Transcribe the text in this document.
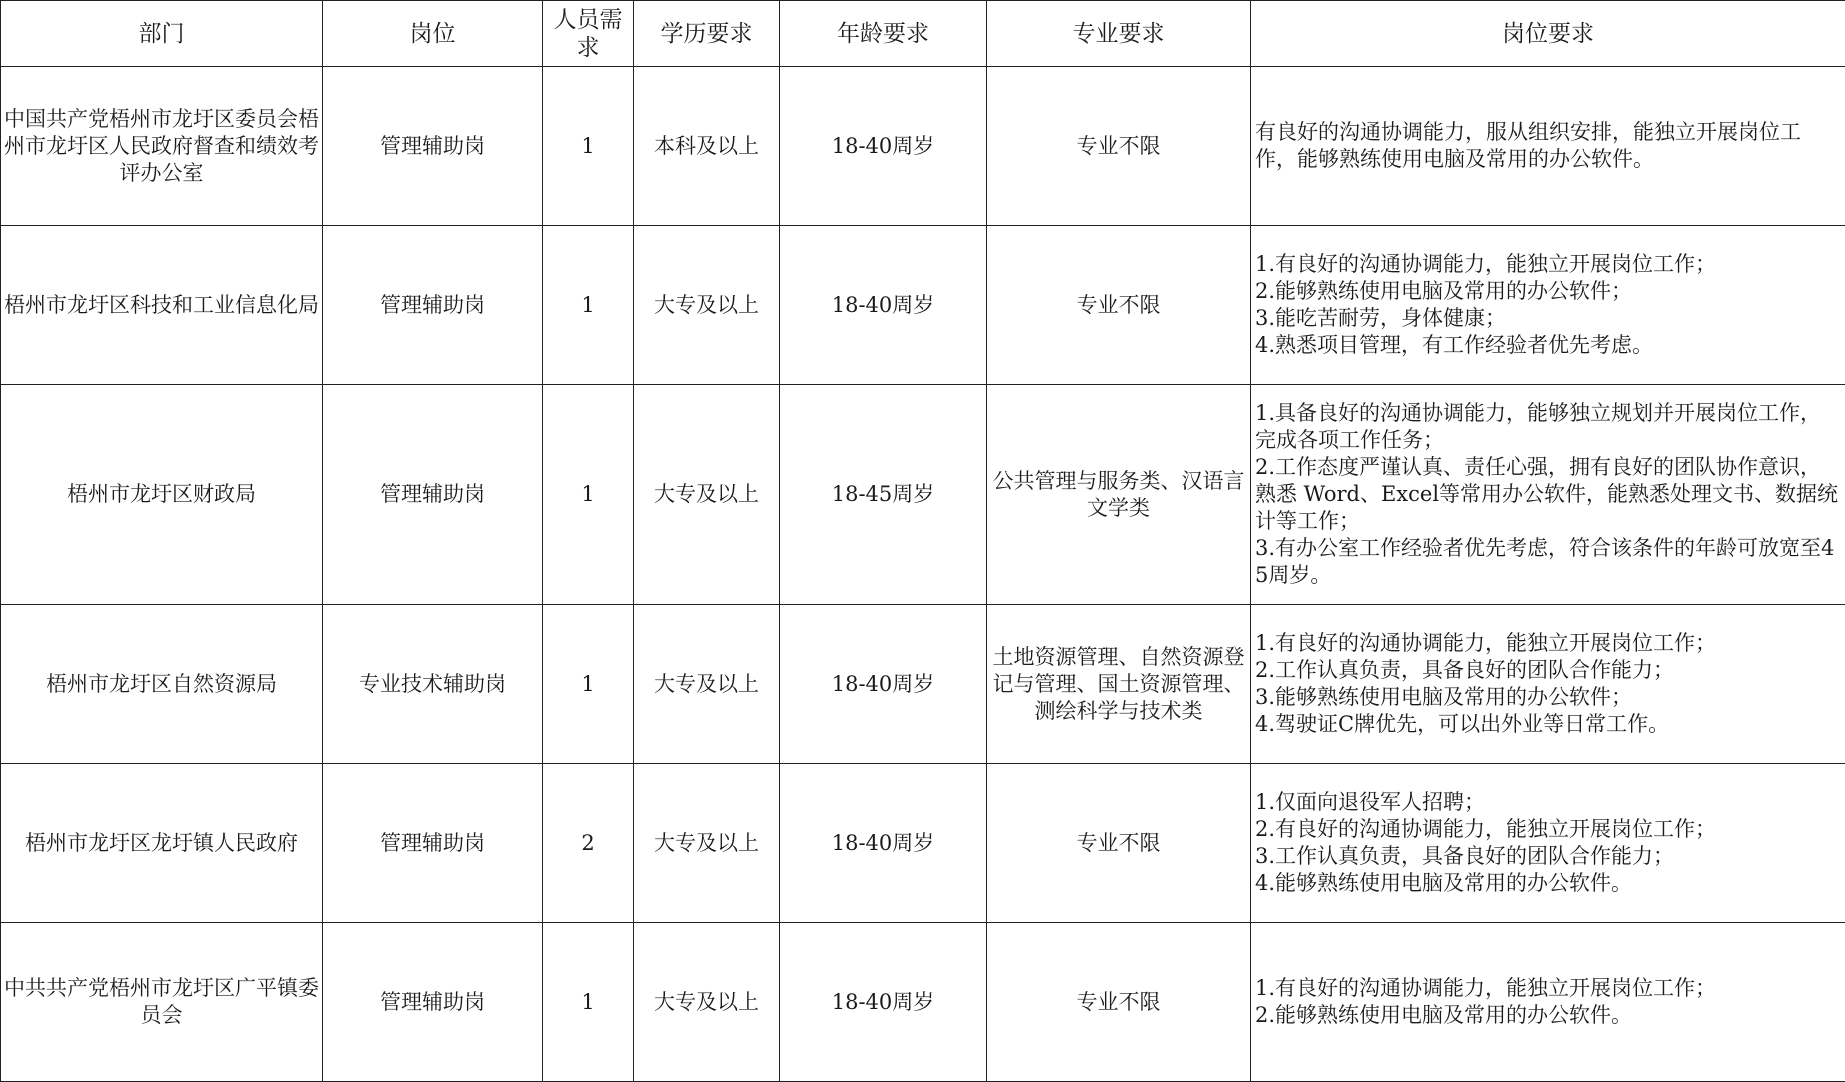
部门	岗位	人员需求	学历要求	年龄要求	专业要求	岗位要求
中国共产党梧州市龙圩区委员会梧州市龙圩区人民政府督查和绩效考评办公室	管理辅助岗	1	本科及以上	18-40周岁	专业不限	有良好的沟通协调能力，服从组织安排，能独立开展岗位工作，能够熟练使用电脑及常用的办公软件。
梧州市龙圩区科技和工业信息化局	管理辅助岗	1	大专及以上	18-40周岁	专业不限	1.有良好的沟通协调能力，能独立开展岗位工作；
2.能够熟练使用电脑及常用的办公软件；
3.能吃苦耐劳，身体健康；
4.熟悉项目管理，有工作经验者优先考虑。
梧州市龙圩区财政局	管理辅助岗	1	大专及以上	18-45周岁	公共管理与服务类、汉语言文学类	1.具备良好的沟通协调能力，能够独立规划并开展岗位工作，完成各项工作任务；
2.工作态度严谨认真、责任心强，拥有良好的团队协作意识，熟悉 Word、Excel等常用办公软件，能熟悉处理文书、数据统计等工作；
3.有办公室工作经验者优先考虑，符合该条件的年龄可放宽至45周岁。
梧州市龙圩区自然资源局	专业技术辅助岗	1	大专及以上	18-40周岁	土地资源管理、自然资源登记与管理、国土资源管理、测绘科学与技术类	1.有良好的沟通协调能力，能独立开展岗位工作；
2.工作认真负责，具备良好的团队合作能力；
3.能够熟练使用电脑及常用的办公软件；
4.驾驶证C牌优先，可以出外业等日常工作。
梧州市龙圩区龙圩镇人民政府	管理辅助岗	2	大专及以上	18-40周岁	专业不限	1.仅面向退役军人招聘；
2.有良好的沟通协调能力，能独立开展岗位工作；
3.工作认真负责，具备良好的团队合作能力；
4.能够熟练使用电脑及常用的办公软件。
中共共产党梧州市龙圩区广平镇委员会	管理辅助岗	1	大专及以上	18-40周岁	专业不限	1.有良好的沟通协调能力，能独立开展岗位工作；
2.能够熟练使用电脑及常用的办公软件。
